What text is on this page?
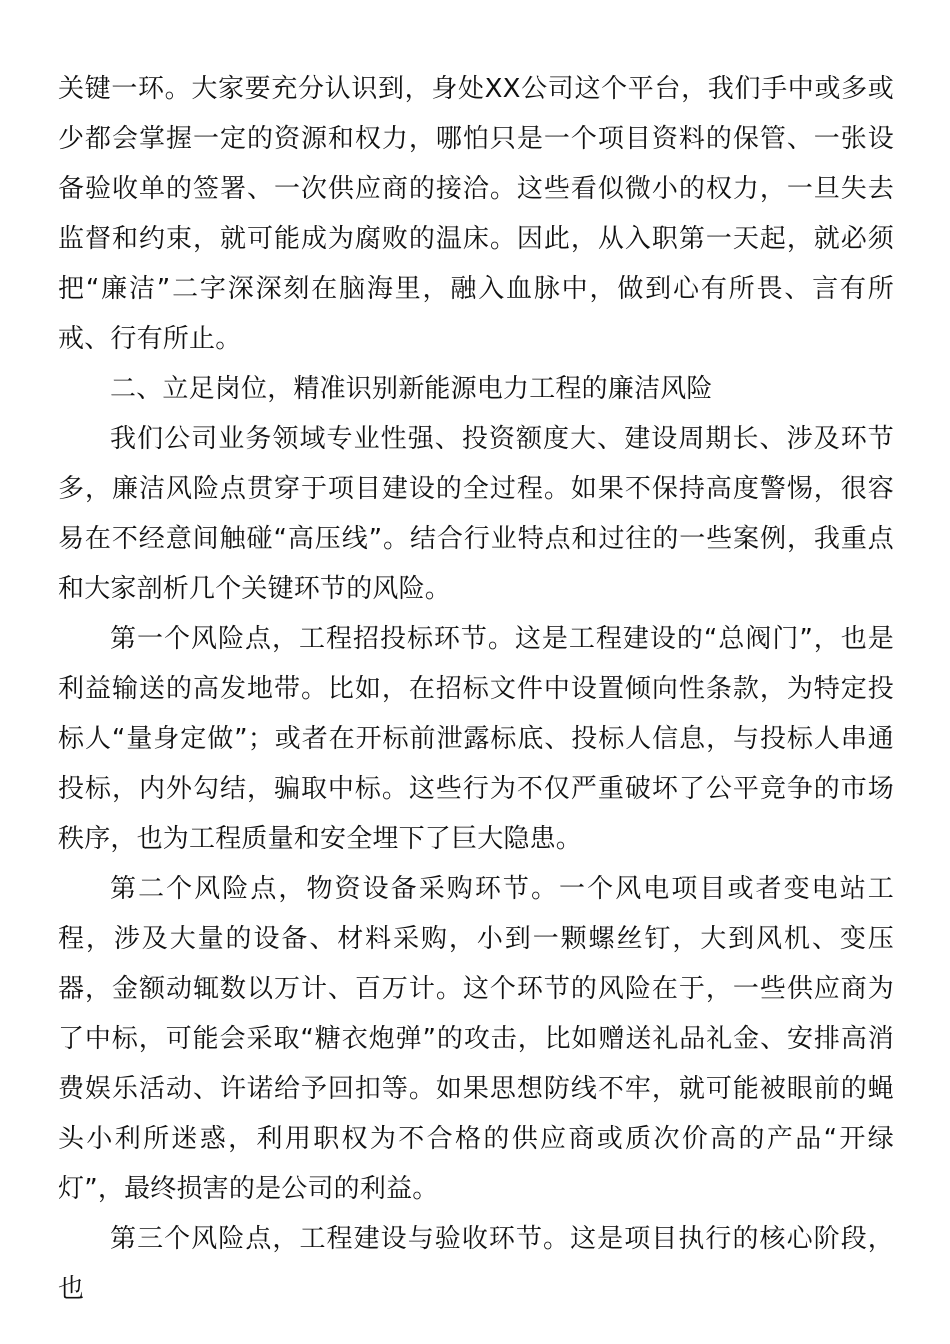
关键一环。大家要充分认识到，身处XX公司这个平台，我们手中或多或少都会掌握一定的资源和权力，哪怕只是一个项目资料的保管、一张设备验收单的签署、一次供应商的接洽。这些看似微小的权力，一旦失去监督和约束，就可能成为腐败的温床。因此，从入职第一天起，就必须把“廉洁”二字深深刻在脑海里，融入血脉中，做到心有所畏、言有所戒、行有所止。

二、立足岗位，精准识别新能源电力工程的廉洁风险

我们公司业务领域专业性强、投资额度大、建设周期长、涉及环节多，廉洁风险点贯穿于项目建设的全过程。如果不保持高度警惕，很容易在不经意间触碰“高压线”。结合行业特点和过往的一些案例，我重点和大家剖析几个关键环节的风险。

第一个风险点，工程招投标环节。这是工程建设的“总阀门”，也是利益输送的高发地带。比如，在招标文件中设置倾向性条款，为特定投标人“量身定做”；或者在开标前泄露标底、投标人信息，与投标人串通投标，内外勾结，骗取中标。这些行为不仅严重破坏了公平竞争的市场秩序，也为工程质量和安全埋下了巨大隐患。

第二个风险点，物资设备采购环节。一个风电项目或者变电站工程，涉及大量的设备、材料采购，小到一颗螺丝钉，大到风机、变压器，金额动辄数以万计、百万计。这个环节的风险在于，一些供应商为了中标，可能会采取“糖衣炮弹”的攻击，比如赠送礼品礼金、安排高消费娱乐活动、许诺给予回扣等。如果思想防线不牢，就可能被眼前的蝇头小利所迷惑，利用职权为不合格的供应商或质次价高的产品“开绿灯”，最终损害的是公司的利益。

第三个风险点，工程建设与验收环节。这是项目执行的核心阶段，也
